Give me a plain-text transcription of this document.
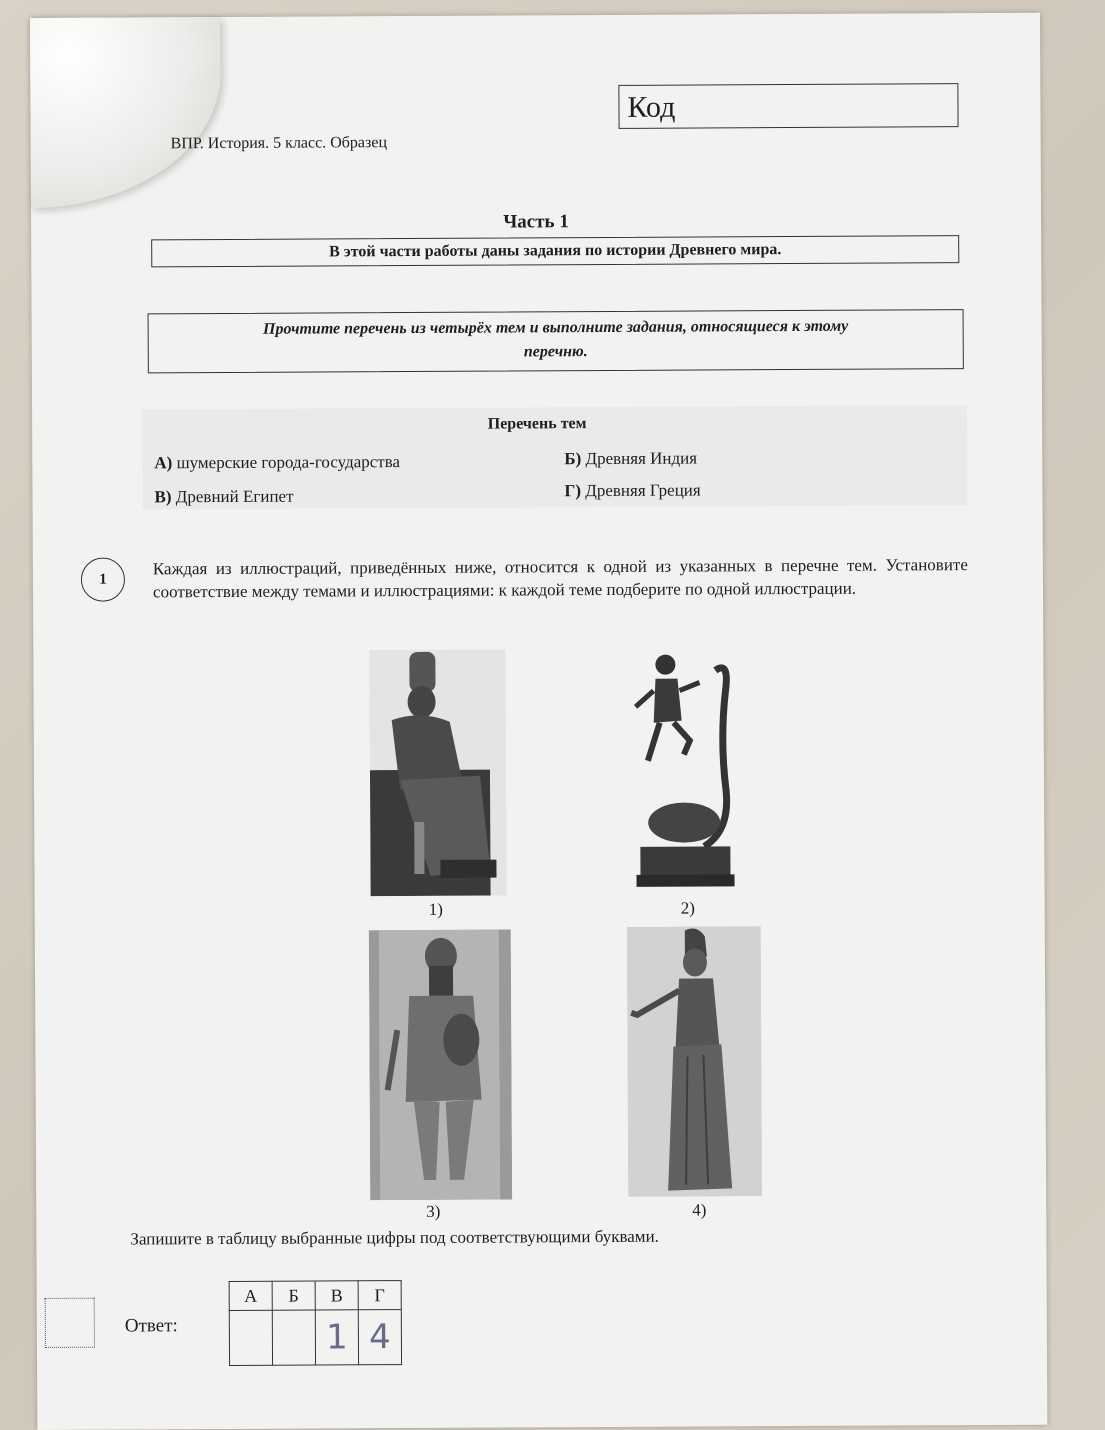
ВПР. История. 5 класс. Образец
Код
Часть 1
В этой части работы даны задания по истории Древнего мира.
Прочтите перечень из четырёх тем и выполните задания, относящиеся к этому
перечню.
Перечень тем
А) шумерские города-государства	Б) Древняя Индия
В) Древний Египет	Г) Древняя Греция
1
Каждая из иллюстраций, приведённых ниже, относится к одной из указанных в перечне тем. Установите соответствие между темами и иллюстрациями: к каждой теме подберите по одной иллюстрации.
1)	2)
3)	4)
Запишите в таблицу выбранные цифры под соответствующими буквами.
Ответ:
А	Б	В	Г
		1	4
